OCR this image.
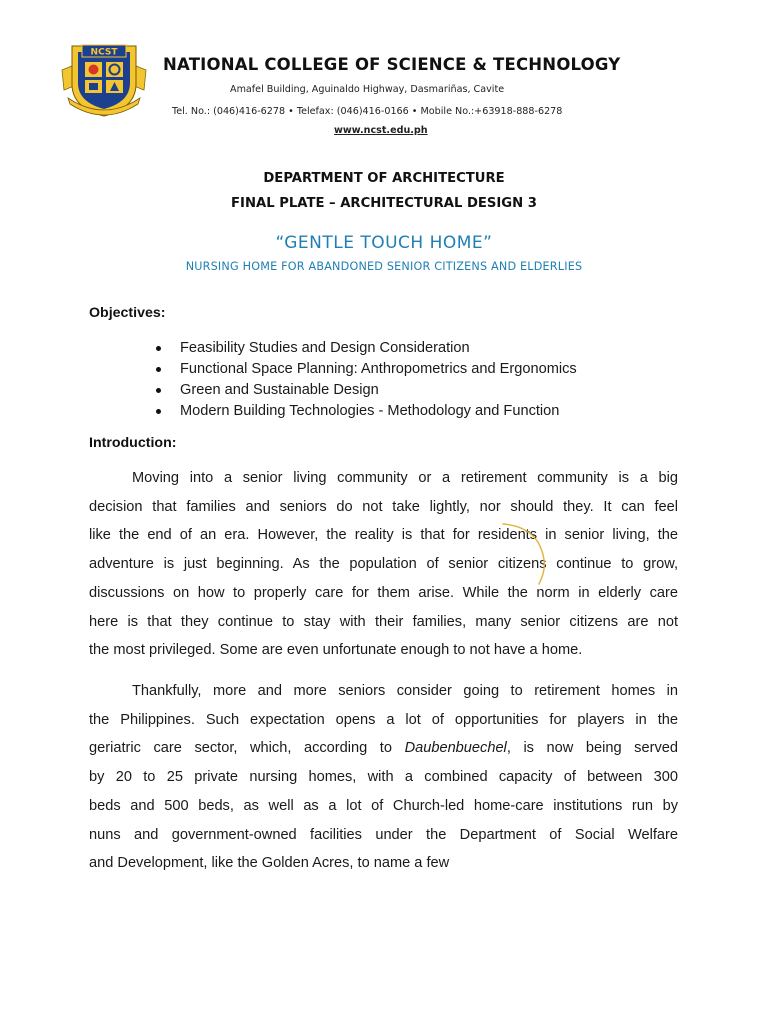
NCST
NATIONAL COLLEGE OF SCIENCE & TECHNOLOGY
Amafel Building, Aguinaldo Highway, Dasmariñas, Cavite
Tel. No.: (046)416-6278 • Telefax: (046)416-0166 • Mobile No.:+63918-888-6278
www.ncst.edu.ph
DEPARTMENT OF ARCHITECTURE
FINAL PLATE – ARCHITECTURAL DESIGN 3
“GENTLE TOUCH HOME”
NURSING HOME FOR ABANDONED SENIOR CITIZENS AND ELDERLIES
Objectives:
Feasibility Studies and Design Consideration
Functional Space Planning: Anthropometrics and Ergonomics
Green and Sustainable Design
Modern Building Technologies - Methodology and Function
Introduction:

Moving into a senior living community or a retirement community is a big
decision that families and seniors do not take lightly, nor should they. It can feel
like the end of an era. However, the reality is that for residents in senior living, the
adventure is just beginning. As the population of senior citizens continue to grow,
discussions on how to properly care for them arise. While the norm in elderly care
here is that they continue to stay with their families, many senior citizens are not
the most privileged. Some are even unfortunate enough to not have a home.

Thankfully, more and more seniors consider going to retirement homes in
the Philippines. Such expectation opens a lot of opportunities for players in the
geriatric care sector, which, according to Daubenbuechel, is now being served
by 20 to 25 private nursing homes, with a combined capacity of between 300
beds and 500 beds, as well as a lot of Church-led home-care institutions run by
nuns and government-owned facilities under the Department of Social Welfare
and Development, like the Golden Acres, to name a few
